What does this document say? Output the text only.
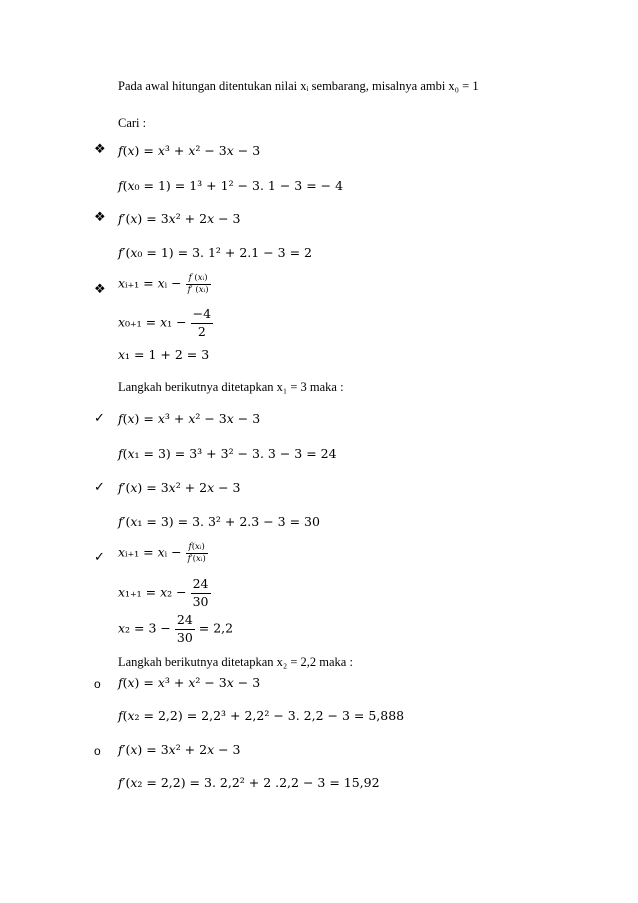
Pada awal hitungan ditentukan nilai xᵢ sembarang, misalnya ambi x₀ = 1
Cari :
❖ 𝑓(𝑥) = 𝑥³ + 𝑥² − 3𝑥 − 3
𝑓(𝑥₀ = 1) = 1³ + 1² − 3. 1 − 3 = − 4
❖ 𝑓′(𝑥) = 3𝑥² + 2𝑥 − 3
𝑓′(𝑥₀ = 1) = 3. 1² + 2.1 − 3 = 2
❖ 𝑥ᵢ₊₁ = 𝑥ᵢ − $\frac{\text{𝑓 (𝑥ᵢ)}}{\text{𝑓′ (𝑥ᵢ)}}$
𝑥₀₊₁ = 𝑥₁ − $\frac{-4}{2}$
𝑥₁ = 1 + 2 = 3
Langkah berikutnya ditetapkan x₁ = 3 maka :
✓ 𝑓(𝑥) = 𝑥³ + 𝑥² − 3𝑥 − 3
𝑓(𝑥₁ = 3) = 3³ + 3² − 3. 3 − 3 = 24
✓ 𝑓′(𝑥) = 3𝑥² + 2𝑥 − 3
𝑓′(𝑥₁ = 3) = 3. 3² + 2.3 − 3 = 30
✓ 𝑥ᵢ₊₁ = 𝑥ᵢ − $\frac{\text{𝑓(𝑥ᵢ)}}{\text{𝑓′(𝑥ᵢ)}}$
𝑥₁₊₁ = 𝑥₂ − $\frac{24}{30}$
𝑥₂ = $3 - \frac{24}{30} = 2,2$
Langkah berikutnya ditetapkan x₂ = 2,2 maka :
o 𝑓(𝑥) = 𝑥³ + 𝑥² − 3𝑥 − 3
𝑓(𝑥₂ = 2,2) = 2,2³ + 2,2² − 3. 2,2 − 3 = 5,888
o 𝑓′(𝑥) = 3𝑥² + 2𝑥 − 3
𝑓′(𝑥₂ = 2,2) = 3. 2,2² + 2 .2,2 − 3 = 15,92
